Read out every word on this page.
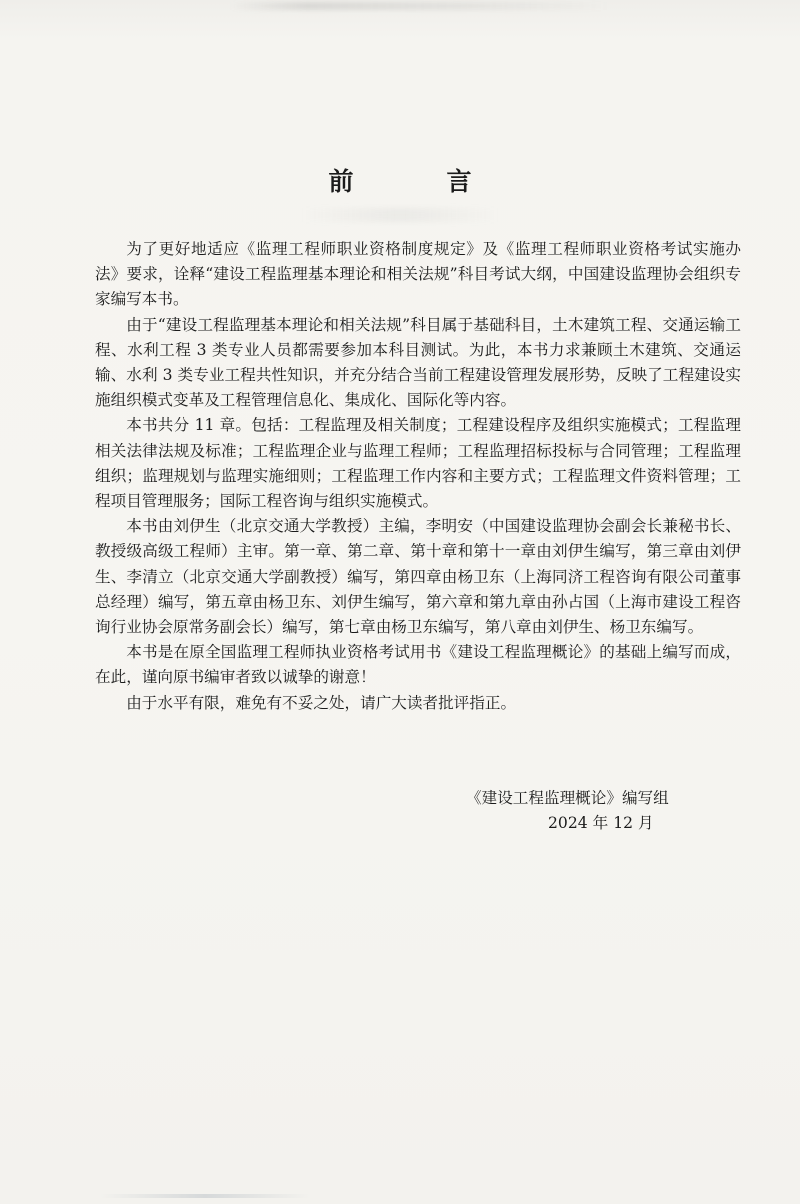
前　言

为了更好地适应《监理工程师职业资格制度规定》及《监理工程师职业资格考试实施办法》要求，诠释“建设工程监理基本理论和相关法规”科目考试大纲，中国建设监理协会组织专家编写本书。

由于“建设工程监理基本理论和相关法规”科目属于基础科目，土木建筑工程、交通运输工程、水利工程 3 类专业人员都需要参加本科目测试。为此，本书力求兼顾土木建筑、交通运输、水利 3 类专业工程共性知识，并充分结合当前工程建设管理发展形势，反映了工程建设实施组织模式变革及工程管理信息化、集成化、国际化等内容。

本书共分 11 章。包括：工程监理及相关制度；工程建设程序及组织实施模式；工程监理相关法律法规及标准；工程监理企业与监理工程师；工程监理招标投标与合同管理；工程监理组织；监理规划与监理实施细则；工程监理工作内容和主要方式；工程监理文件资料管理；工程项目管理服务；国际工程咨询与组织实施模式。

本书由刘伊生（北京交通大学教授）主编，李明安（中国建设监理协会副会长兼秘书长、教授级高级工程师）主审。第一章、第二章、第十章和第十一章由刘伊生编写，第三章由刘伊生、李清立（北京交通大学副教授）编写，第四章由杨卫东（上海同济工程咨询有限公司董事总经理）编写，第五章由杨卫东、刘伊生编写，第六章和第九章由孙占国（上海市建设工程咨询行业协会原常务副会长）编写，第七章由杨卫东编写，第八章由刘伊生、杨卫东编写。

本书是在原全国监理工程师执业资格考试用书《建设工程监理概论》的基础上编写而成，在此，谨向原书编审者致以诚挚的谢意！

由于水平有限，难免有不妥之处，请广大读者批评指正。

《建设工程监理概论》编写组
2024 年 12 月
